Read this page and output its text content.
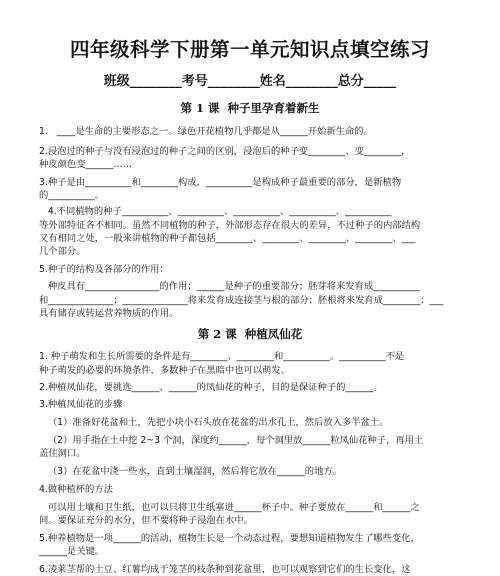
四年级科学下册第一单元知识点填空练习
班级________考号________姓名________总分_____
第 1 课  种子里孕育着新生
1.   ____是生命的主要形态之一。绿色开花植物几乎都是从______开始新生命的。
2.浸泡过的种子与没有浸泡过的种子之间的区别，浸泡后的种子变________、变________，
种皮颜色变______……
3.种子是由__________和________构成，__________是构成种子最重要的部分，是新植物
的__________。
4.不同植物的种子__________、__________、__________、__________、__________
等外部特征各不相同。虽然不同植物的种子，外部形态存在很大的差异，不过种子的内部结构
又有相同之处，一般来讲植物的种子都包括________、________、________、________、___
几个部分。
5.种子的结构及各部分的作用：
种皮具有________________的作用；______是种子的重要部分；胚芽将来发育成__________
和______________；______________将来发育成连接茎与根的部分；胚根将来发育成________；___
具有储存或转运营养物质的作用。
第 2 课  种植凤仙花
1. 种子萌发和生长所需要的条件是有________、________和__________。__________不是
种子萌发的必要的环境条件，多数种子在黑暗中也可以萌发。
2.种植凤仙花，要挑选______、______的凤仙花的种子，目的是保证种子的______。
3.种植凤仙花的步骤
（1）准备好花盆和土，先把小块小石头放在花盆的出水孔上，然后放入多半盆土。
（2）用手指在土中挖 2~3 个洞，深度约______，每个洞里放______粒凤仙花种子，再用土
盖住洞口。
（3）在花盆中浇一些水，直到土壤湿润，然后将它放在______的地方。
4.做种植杯的方法
可以用土壤和卫生纸，也可以只将卫生纸塞进______杯子中。种子要放在______和______之
间。要保证充分的水分，但不要将种子浸泡在水中。
5.种养植物是一项______的活动，植物生长是一个动态过程，要想知道植物发生了哪些变化，
______是关键。
6.凌莱茎帮的土豆、红薯均成于笼茎的枝条种到花盆里，也可以观察到它们的生长变化，这
